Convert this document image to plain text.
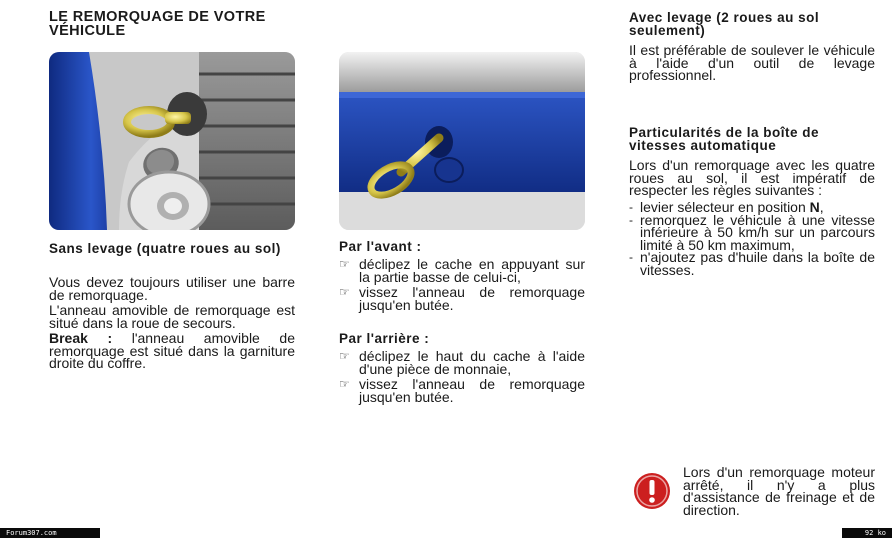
LE REMORQUAGE DE VOTRE VÉHICULE
Sans levage (quatre roues au sol)

Vous devez toujours utiliser une barre de remorquage.

L'anneau amovible de remorquage est situé dans la roue de secours.

Break : l'anneau amovible de remorquage est situé dans la garniture droite du coffre.

Par l'avant :
☞ déclipez le cache en appuyant sur la partie basse de celui-ci,
☞ vissez l'anneau de remorquage jusqu'en butée.
Par l'arrière :
☞ déclipez le haut du cache à l'aide d'une pièce de monnaie,
☞ vissez l'anneau de remorquage jusqu'en butée.
Avec levage (2 roues au sol seulement)
Il est préférable de soulever le véhicule à l'aide d'un outil de levage professionnel.
Particularités de la boîte de vitesses automatique
Lors d'un remorquage avec les quatre roues au sol, il est impératif de respecter les règles suivantes :
- levier sélecteur en position N,
- remorquez le véhicule à une vitesse inférieure à 50 km/h sur un parcours limité à 50 km maximum,
- n'ajoutez pas d'huile dans la boîte de vitesses.
Lors d'un remorquage moteur arrêté, il n'y a plus d'assistance de freinage et de direction.
Forum307.com	92 ko
